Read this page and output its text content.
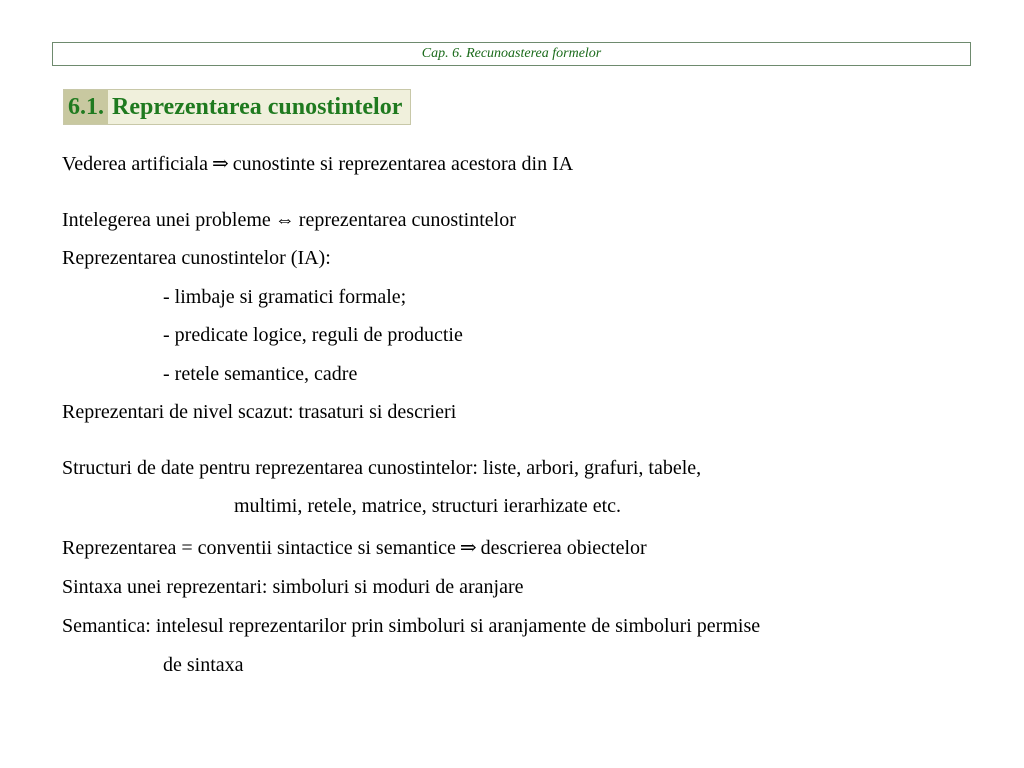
Cap. 6. Recunoasterea formelor
6.1. Reprezentarea cunostintelor
Vederea artificiala ⇒ cunostinte si reprezentarea acestora din IA
Intelegerea unei probleme ⇔ reprezentarea cunostintelor
Reprezentarea cunostintelor (IA):
- limbaje si gramatici formale;
- predicate logice, reguli de productie
- retele semantice, cadre
Reprezentari de nivel scazut: trasaturi si descrieri
Structuri de date pentru reprezentarea cunostintelor: liste, arbori, grafuri, tabele,
multimi, retele, matrice, structuri ierarhizate etc.
Reprezentarea = conventii sintactice si semantice ⇒ descrierea obiectelor
Sintaxa unei reprezentari: simboluri si moduri de aranjare
Semantica: intelesul reprezentarilor prin simboluri si aranjamente de simboluri permise
de sintaxa
